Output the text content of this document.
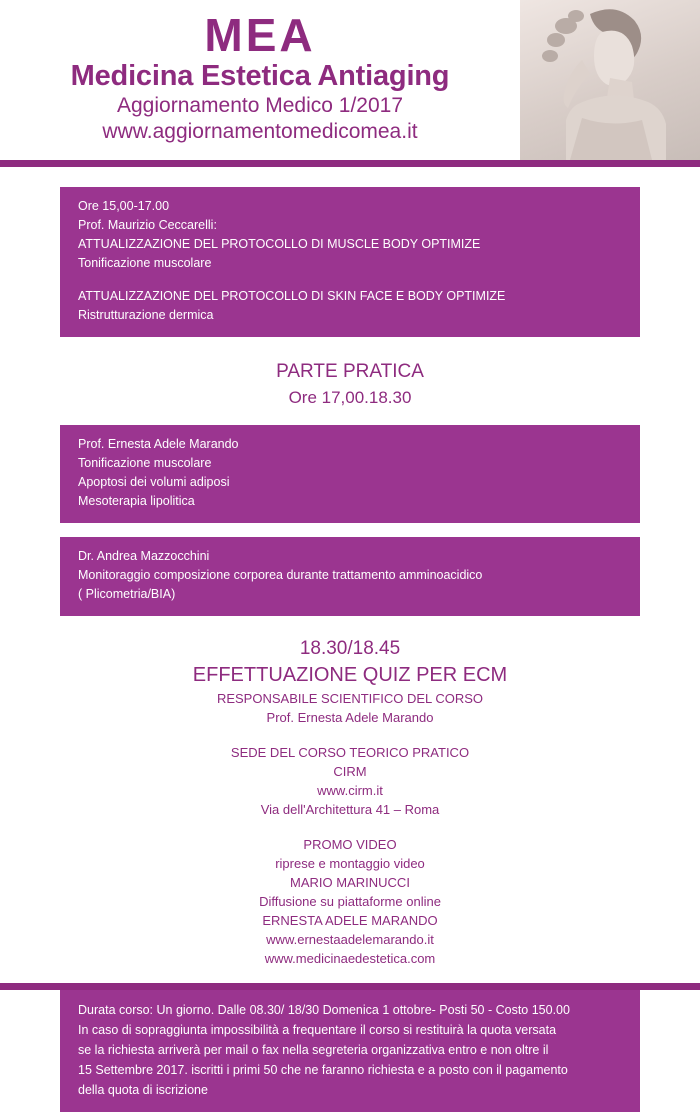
MEA
Medicina Estetica Antiaging
Aggiornamento Medico 1/2017
www.aggiornamentomedicomea.it
Ore 15,00-17.00
Prof. Maurizio Ceccarelli:
ATTUALIZZAZIONE DEL PROTOCOLLO DI MUSCLE BODY OPTIMIZE
Tonificazione muscolare
ATTUALIZZAZIONE DEL PROTOCOLLO DI SKIN FACE E BODY OPTIMIZE
Ristrutturazione dermica
PARTE PRATICA
Ore 17,00.18.30
Prof. Ernesta Adele Marando
Tonificazione muscolare
Apoptosi dei volumi adiposi
Mesoterapia lipolitica
Dr. Andrea Mazzocchini
Monitoraggio composizione corporea durante trattamento amminoacidico
( Plicometria/BIA)
18.30/18.45
EFFETTUAZIONE QUIZ PER ECM
RESPONSABILE SCIENTIFICO DEL CORSO
Prof. Ernesta Adele Marando
SEDE DEL CORSO TEORICO PRATICO
CIRM
www.cirm.it
Via dell'Architettura 41 – Roma
PROMO VIDEO
riprese e montaggio video
MARIO MARINUCCI
Diffusione su piattaforme online
ERNESTA ADELE MARANDO
www.ernestaadelemarando.it
www.medicinaedestetica.com
Durata corso: Un giorno. Dalle 08.30/ 18/30 Domenica 1 ottobre- Posti 50 - Costo 150.00
In caso di sopraggiunta impossibilità a frequentare il corso si restituirà la quota versata
se la richiesta arriverà per mail o fax nella segreteria organizzativa entro e non oltre il
15 Settembre 2017. iscritti i primi 50 che ne faranno richiesta e a posto con il pagamento
della quota di iscrizione
